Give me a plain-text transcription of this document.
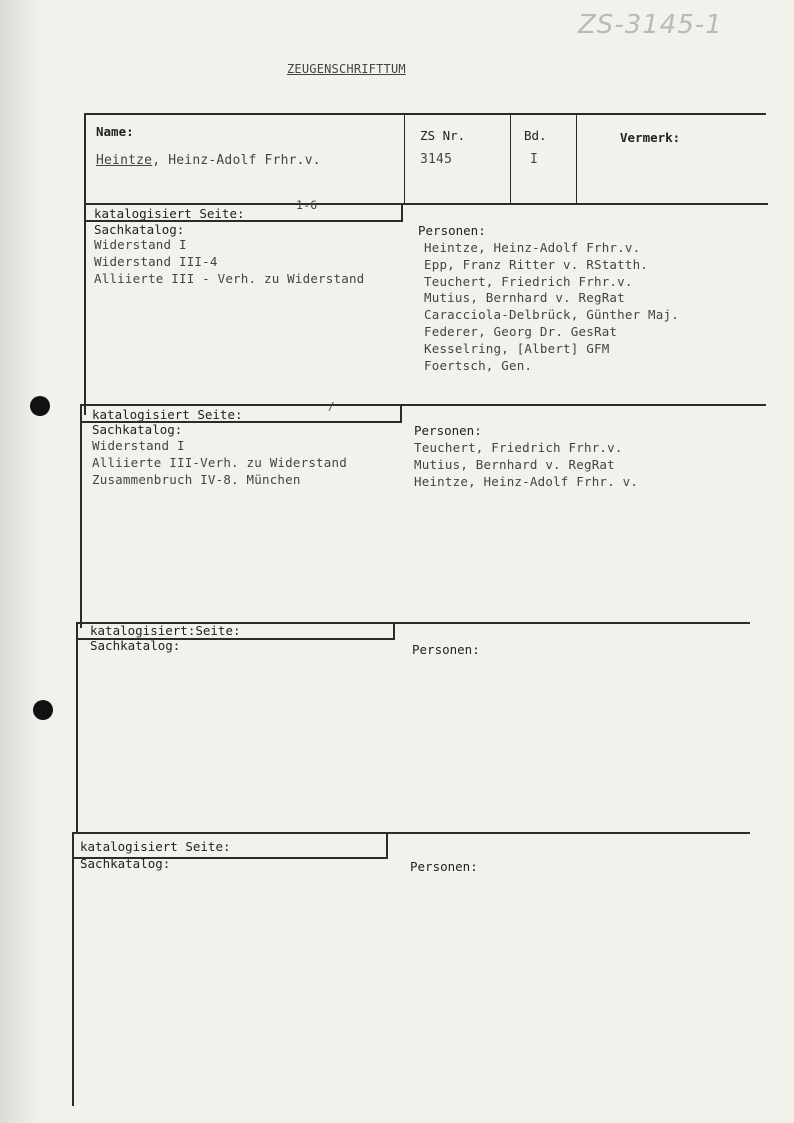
ZS-3145-1
ZEUGENSCHRIFTTUM
Name:
Heintze, Heinz-Adolf Frhr.v.
ZS Nr.
3145
Bd.
I
Vermerk:
katalogisiert Seite:
1-6
Sachkatalog:
Widerstand I
Widerstand III-4
Alliierte III - Verh. zu Widerstand
Personen:
Heintze, Heinz-Adolf Frhr.v.
Epp, Franz Ritter v. RStatth.
Teuchert, Friedrich Frhr.v.
Mutius, Bernhard v. RegRat
Caracciola-Delbrück, Günther Maj.
Federer, Georg Dr. GesRat
Kesselring, [Albert] GFM
Foertsch, Gen.
katalogisiert Seite:
/
Sachkatalog:
Widerstand I
Alliierte III-Verh. zu Widerstand
Zusammenbruch IV-8. München
Personen:
Teuchert, Friedrich Frhr.v.
Mutius, Bernhard v. RegRat
Heintze, Heinz-Adolf Frhr. v.
katalogisiert:Seite:
Sachkatalog:	Personen:
katalogisiert Seite:
Sachkatalog:	Personen:
